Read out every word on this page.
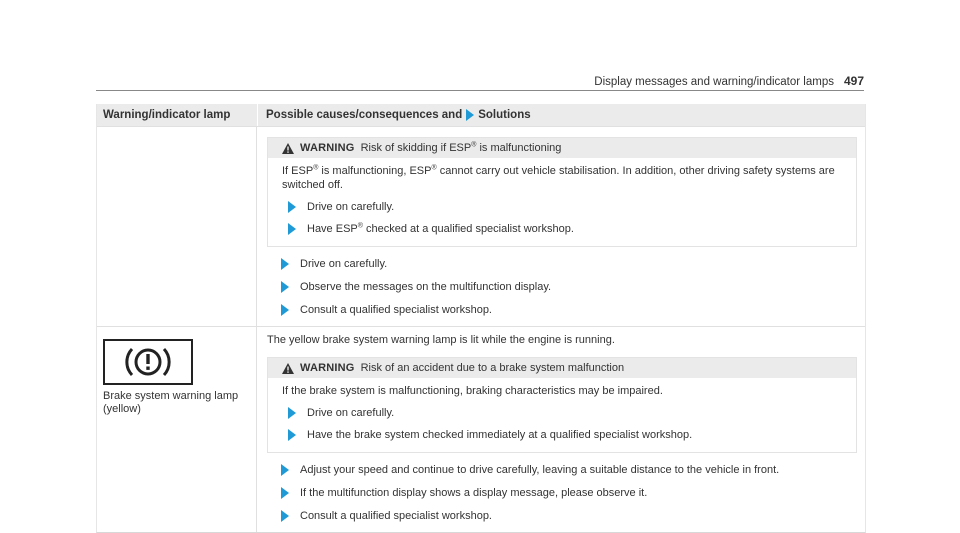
Display messages and warning/indicator lamps 497
Warning/indicator lamp	Possible causes/consequences and Solutions
WARNING Risk of skidding if ESP® is malfunctioning

If ESP® is malfunctioning, ESP® cannot carry out vehicle stabilisation. In addition, other driving safety systems are
switched off.

Drive on carefully.
Have ESP® checked at a qualified specialist workshop.
Drive on carefully.
Observe the messages on the multifunction display.
Consult a qualified specialist workshop.
Brake system warning lamp
(yellow)

The yellow brake system warning lamp is lit while the engine is running.

WARNING Risk of an accident due to a brake system malfunction

If the brake system is malfunctioning, braking characteristics may be impaired.

Drive on carefully.
Have the brake system checked immediately at a qualified specialist workshop.
Adjust your speed and continue to drive carefully, leaving a suitable distance to the vehicle in front.
If the multifunction display shows a display message, please observe it.
Consult a qualified specialist workshop.
